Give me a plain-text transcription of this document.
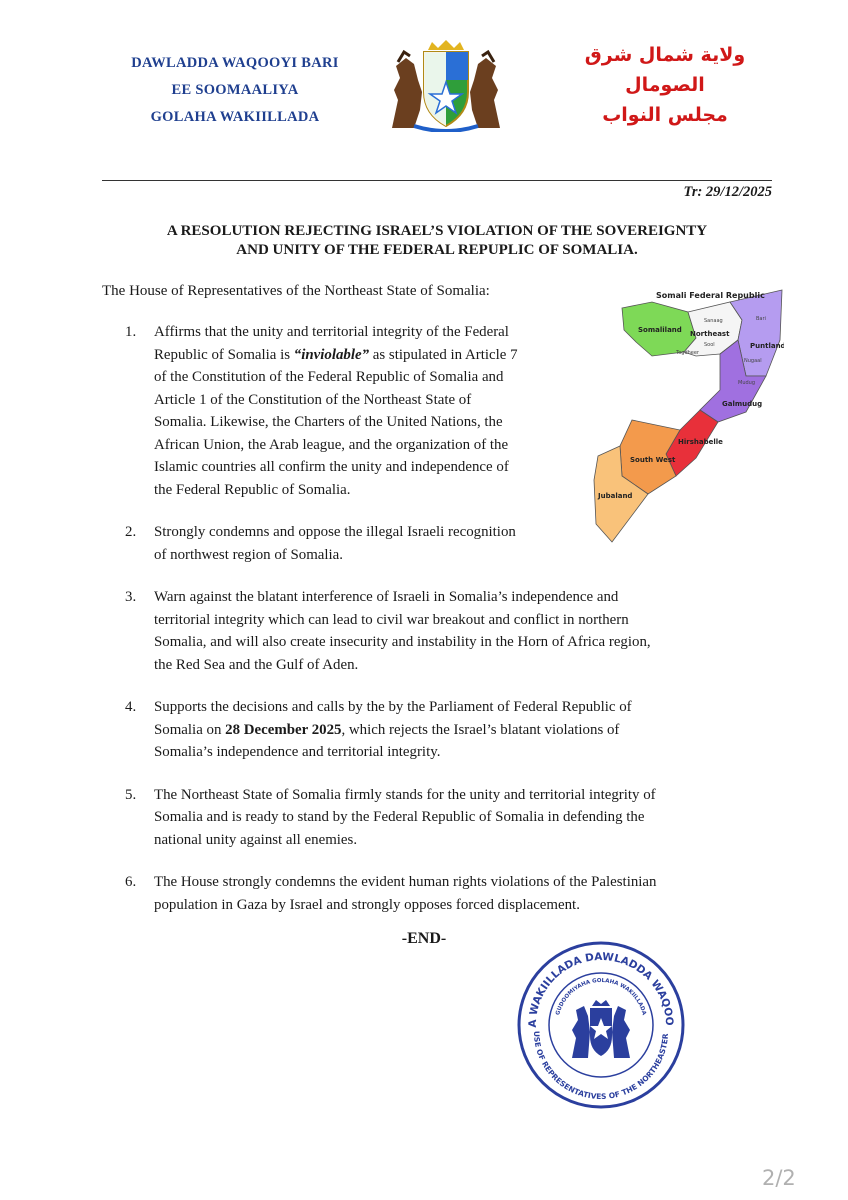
DAWLADDA WAQOOYI BARI
EE SOOMAALIYA
GOLAHA WAKIILLADA
ولاية شمال شرق
الصومال
مجلس النواب
Tr: 29/12/2025
A RESOLUTION REJECTING ISRAEL’S VIOLATION OF THE SOVEREIGNTY
AND UNITY OF THE FEDERAL REPUPLIC OF SOMALIA.
The House of Representatives of the Northeast State of Somalia:	Somali Federal Republic
Somaliland Northeast
Puntland
Galmudug
Hirshabelle
South West
Jubaland
Sanaag
Sool
Togdheer
Bari
Nugaal
Mudug
1. Affirms that the unity and territorial integrity of the Federal
Republic of Somalia is “inviolable” as stipulated in Article 7
of the Constitution of the Federal Republic of Somalia and
Article 1 of the Constitution of the Northeast State of
Somalia. Likewise, the Charters of the United Nations, the
African Union, the Arab league, and the organization of the
Islamic countries all confirm the unity and independence of
the Federal Republic of Somalia.
2. Strongly condemns and oppose the illegal Israeli recognition
of northwest region of Somalia.
3. Warn against the blatant interference of Israeli in Somalia’s independence and
territorial integrity which can lead to civil war breakout and conflict in northern
Somalia, and will also create insecurity and instability in the Horn of Africa region,
the Red Sea and the Gulf of Aden.
4. Supports the decisions and calls by the by the Parliament of Federal Republic of
Somalia on 28 December 2025, which rejects the Israel’s blatant violations of
Somalia’s independence and territorial integrity.
5. The Northeast State of Somalia firmly stands for the unity and territorial integrity of
Somalia and is ready to stand by the Federal Republic of Somalia in defending the
national unity against all enemies.
6. The House strongly condemns the evident human rights violations of the Palestinian
population in Gaza by Israel and strongly opposes forced displacement.
-END-
A WAKIILLADA DAWLADDA WAQOO
USE OF REPRESENTATIVES OF THE NORTHEASTER
GUDOOMIYAHA GOLAHA WAKIILLADA
2/2
